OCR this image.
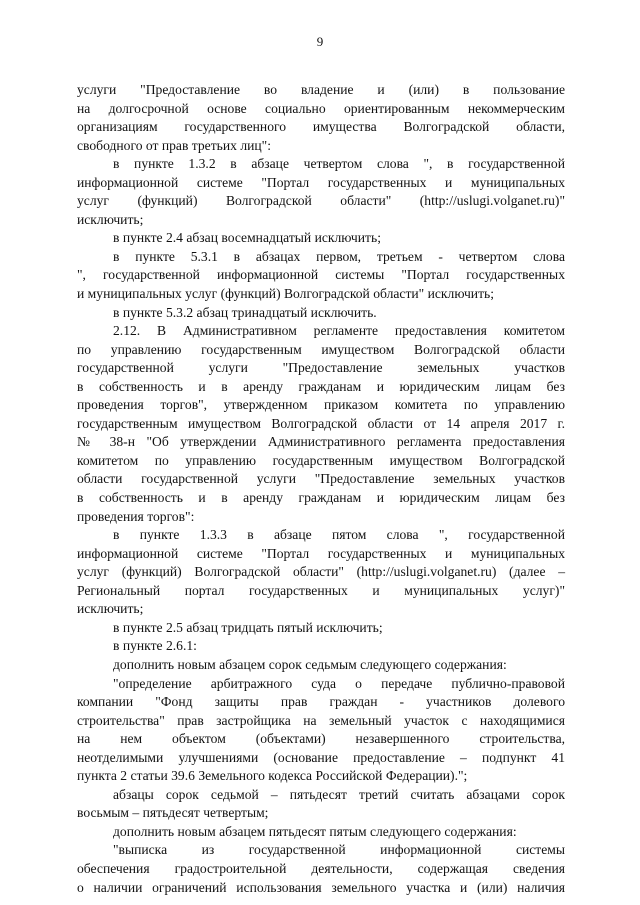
9
услуги "Предоставление во владение и (или) в пользование
на долгосрочной основе социально ориентированным некоммерческим
организациям государственного имущества Волгоградской области,
свободного от прав третьих лиц":
в пункте 1.3.2 в абзаце четвертом слова ", в государственной
информационной системе "Портал государственных и муниципальных
услуг (функций) Волгоградской области" (http://uslugi.volganet.ru)"
исключить;
в пункте 2.4 абзац восемнадцатый исключить;
в пункте 5.3.1 в абзацах первом, третьем - четвертом слова
", государственной информационной системы "Портал государственных
и муниципальных услуг (функций) Волгоградской области" исключить;
в пункте 5.3.2 абзац тринадцатый исключить.
2.12. В Административном регламенте предоставления комитетом
по управлению государственным имуществом Волгоградской области
государственной услуги "Предоставление земельных участков
в собственность и в аренду гражданам и юридическим лицам без
проведения торгов", утвержденном приказом комитета по управлению
государственным имуществом Волгоградской области от 14 апреля 2017 г.
№ 38-н "Об утверждении Административного регламента предоставления
комитетом по управлению государственным имуществом Волгоградской
области государственной услуги "Предоставление земельных участков
в собственность и в аренду гражданам и юридическим лицам без
проведения торгов":
в пункте 1.3.3 в абзаце пятом слова ", государственной
информационной системе "Портал государственных и муниципальных
услуг (функций) Волгоградской области" (http://uslugi.volganet.ru) (далее –
Региональный портал государственных и муниципальных услуг)"
исключить;
в пункте 2.5 абзац тридцать пятый исключить;
в пункте 2.6.1:
дополнить новым абзацем сорок седьмым следующего содержания:
"определение арбитражного суда о передаче публично-правовой
компании "Фонд защиты прав граждан - участников долевого
строительства" прав застройщика на земельный участок с находящимися
на нем объектом (объектами) незавершенного строительства,
неотделимыми улучшениями (основание предоставление – подпункт 41
пункта 2 статьи 39.6 Земельного кодекса Российской Федерации).";
абзацы сорок седьмой – пятьдесят третий считать абзацами сорок
восьмым – пятьдесят четвертым;
дополнить новым абзацем пятьдесят пятым следующего содержания:
"выписка из государственной информационной системы
обеспечения градостроительной деятельности, содержащая сведения
о наличии ограничений использования земельного участка и (или) наличия
